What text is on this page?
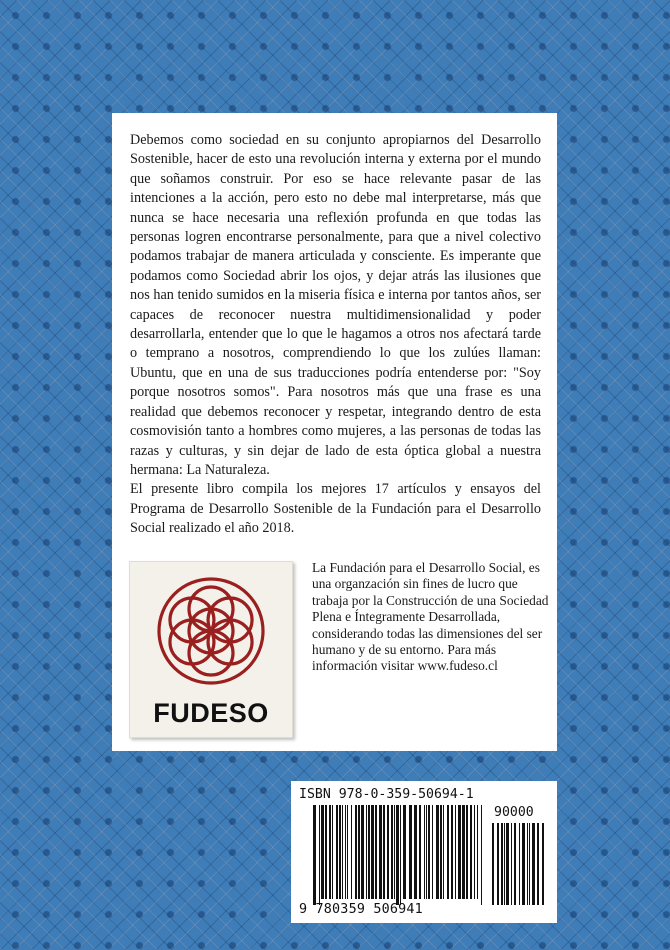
Debemos como sociedad en su conjunto apropiarnos del Desarrollo Sostenible, hacer de esto una revolución interna y externa por el mundo que soñamos construir. Por eso se hace relevante pasar de las intenciones a la acción, pero esto no debe mal interpretarse, más que nunca se hace necesaria una reflexión profunda en que todas las personas logren encontrarse personalmente, para que a nivel colectivo podamos trabajar de manera articulada y consciente. Es imperante que podamos como Sociedad abrir los ojos, y dejar atrás las ilusiones que nos han tenido sumidos en la miseria física e interna por tantos años, ser capaces de reconocer nuestra multidimensionalidad y poder desarrollarla, entender que lo que le hagamos a otros nos afectará tarde o temprano a nosotros, comprendiendo lo que los zulúes llaman: Ubuntu, que en una de sus traducciones podría entenderse por: "Soy porque nosotros somos". Para nosotros más que una frase es una realidad que debemos reconocer y respetar, integrando dentro de esta cosmovisión tanto a hombres como mujeres, a las personas de todas las razas y culturas, y sin dejar de lado de esta óptica global a nuestra hermana: La Naturaleza.

El presente libro compila los mejores 17 artículos y ensayos del Programa de Desarrollo Sostenible de la Fundación para el Desarrollo Social realizado el año 2018.

FUDESO

La Fundación para el Desarrollo Social, es una organzación sin fines de lucro que trabaja por la Construcción de una Sociedad Plena e Íntegramente Desarrollada, considerando todas las dimensiones del ser humano y de su entorno. Para más información visitar www.fudeso.cl

ISBN 978-0-359-50694-1
90000
9 780359 506941
